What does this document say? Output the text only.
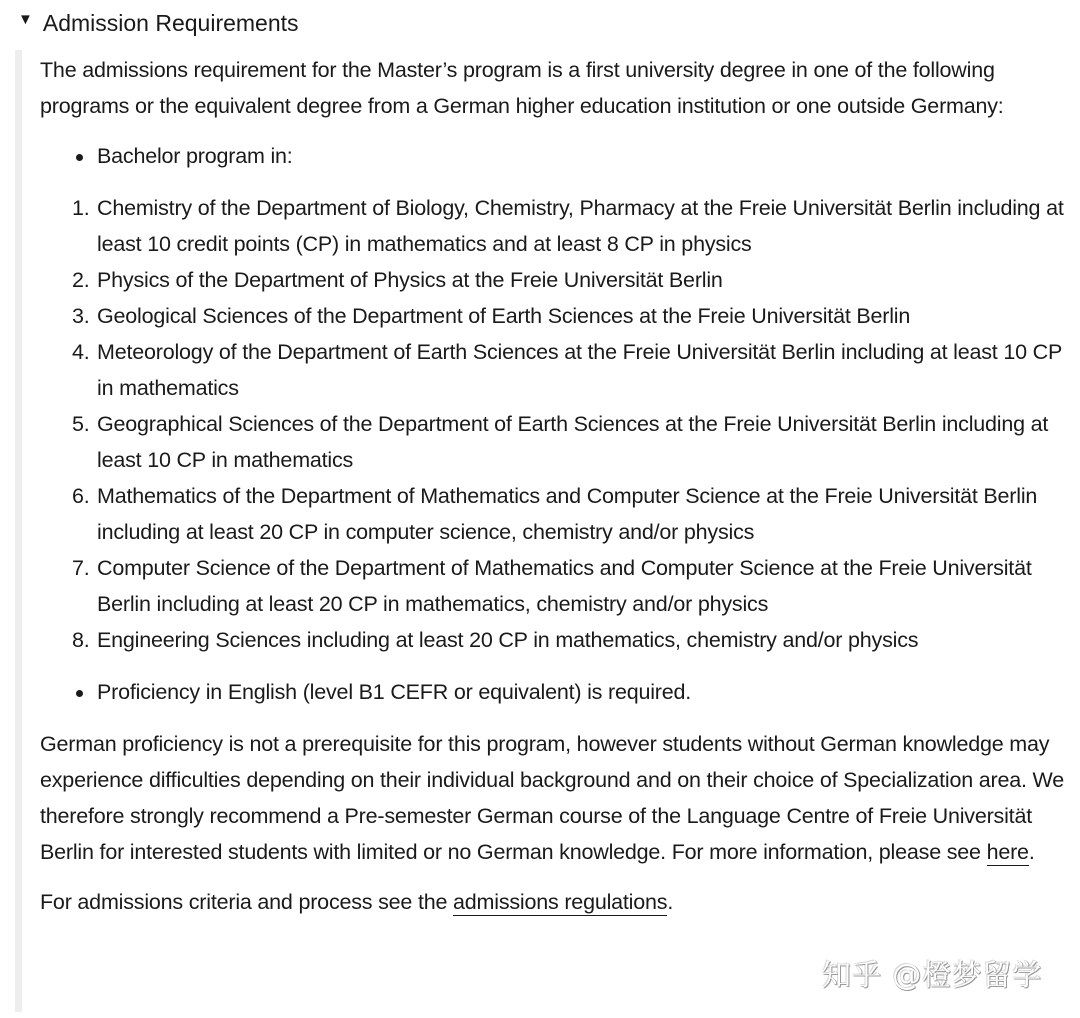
▼ Admission Requirements

The admissions requirement for the Master’s program is a first university degree in one of the following programs or the equivalent degree from a German higher education institution or one outside Germany:

Bachelor program in:
1. Chemistry of the Department of Biology, Chemistry, Pharmacy at the Freie Universität Berlin including at least 10 credit points (CP) in mathematics and at least 8 CP in physics
2. Physics of the Department of Physics at the Freie Universität Berlin
3. Geological Sciences of the Department of Earth Sciences at the Freie Universität Berlin
4. Meteorology of the Department of Earth Sciences at the Freie Universität Berlin including at least 10 CP in mathematics
5. Geographical Sciences of the Department of Earth Sciences at the Freie Universität Berlin including at least 10 CP in mathematics
6. Mathematics of the Department of Mathematics and Computer Science at the Freie Universität Berlin including at least 20 CP in computer science, chemistry and/or physics
7. Computer Science of the Department of Mathematics and Computer Science at the Freie Universität Berlin including at least 20 CP in mathematics, chemistry and/or physics
8. Engineering Sciences including at least 20 CP in mathematics, chemistry and/or physics
Proficiency in English (level B1 CEFR or equivalent) is required.

German proficiency is not a prerequisite for this program, however students without German knowledge may experience difficulties depending on their individual background and on their choice of Specialization area. We therefore strongly recommend a Pre-semester German course of the Language Centre of Freie Universität Berlin for interested students with limited or no German knowledge. For more information, please see here.

For admissions criteria and process see the admissions regulations.

知乎 @橙梦留学
